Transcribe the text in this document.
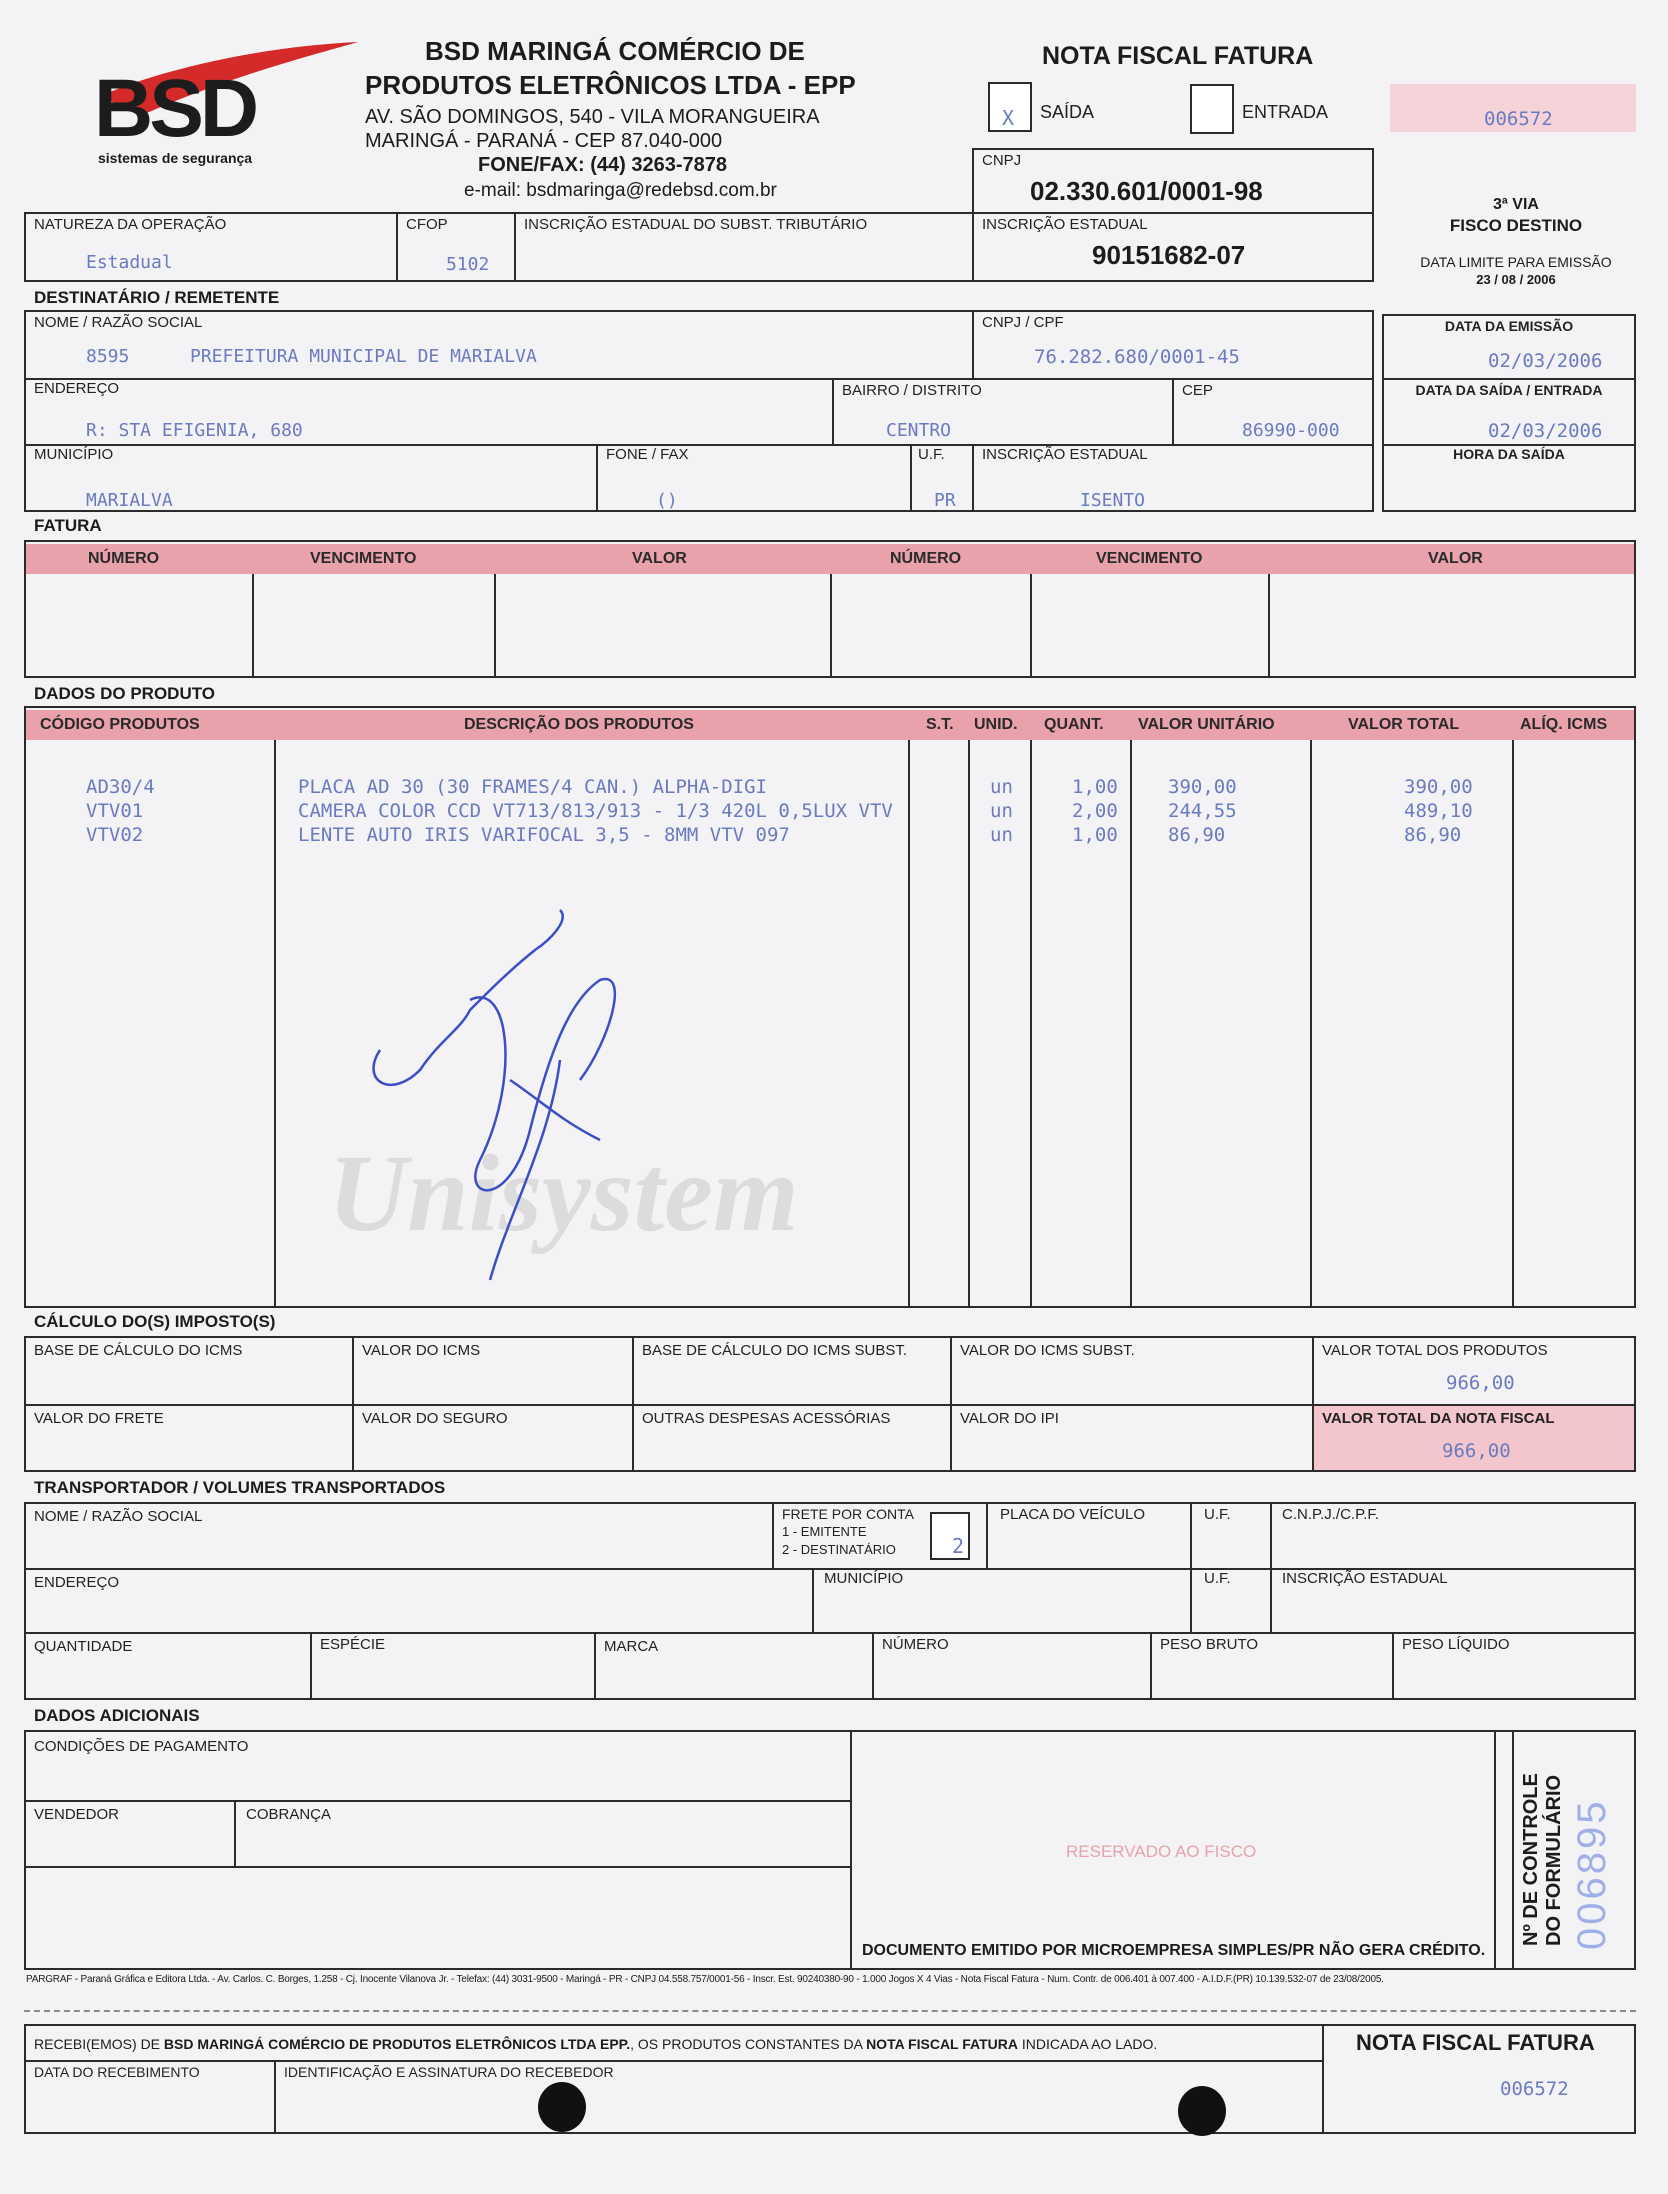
BSD
sistemas de segurança
BSD MARINGÁ COMÉRCIO DE
PRODUTOS ELETRÔNICOS LTDA - EPP
AV. SÃO DOMINGOS, 540 - VILA MORANGUEIRA
MARINGÁ - PARANÁ - CEP 87.040-000
FONE/FAX: (44) 3263-7878
e-mail: bsdmaringa@redebsd.com.br
NOTA FISCAL FATURA
X SAÍDA	ENTRADA	006572
CNPJ
02.330.601/0001-98
INSCRIÇÃO ESTADUAL
90151682-07
3ª VIA
FISCO DESTINO
DATA LIMITE PARA EMISSÃO
23 / 08 / 2006
NATUREZA DA OPERAÇÃO
Estadual
CFOP
5102
INSCRIÇÃO ESTADUAL DO SUBST. TRIBUTÁRIO
DESTINATÁRIO / REMETENTE
NOME / RAZÃO SOCIAL
8595	PREFEITURA MUNICIPAL DE MARIALVA
CNPJ / CPF
76.282.680/0001-45
DATA DA EMISSÃO
02/03/2006
ENDEREÇO
R: STA EFIGENIA, 680
BAIRRO / DISTRITO
CENTRO
CEP
86990-000
DATA DA SAÍDA / ENTRADA
02/03/2006
MUNICÍPIO
MARIALVA
FONE / FAX
()
U.F.
PR
INSCRIÇÃO ESTADUAL
ISENTO
HORA DA SAÍDA
FATURA
NÚMERO	VENCIMENTO	VALOR	NÚMERO	VENCIMENTO	VALOR
DADOS DO PRODUTO
CÓDIGO PRODUTOS	DESCRIÇÃO DOS PRODUTOS	S.T. UNID. QUANT. VALOR UNITÁRIO	VALOR TOTAL	ALÍQ. ICMS
Unisystem
AD30/4	PLACA AD 30 (30 FRAMES/4 CAN.) ALPHA-DIGI	un	1,00	390,00	390,00
VTV01	CAMERA COLOR CCD VT713/813/913 - 1/3 420L 0,5LUX VTV	un	2,00	244,55	489,10
VTV02	LENTE AUTO IRIS VARIFOCAL 3,5 - 8MM VTV 097	un	1,00	86,90	86,90
CÁLCULO DO(S) IMPOSTO(S)
BASE DE CÁLCULO DO ICMS	VALOR DO ICMS	BASE DE CÁLCULO DO ICMS SUBST.	VALOR DO ICMS SUBST.	VALOR TOTAL DOS PRODUTOS
966,00
VALOR DO FRETE	VALOR DO SEGURO	OUTRAS DESPESAS ACESSÓRIAS	VALOR DO IPI	VALOR TOTAL DA NOTA FISCAL
966,00
TRANSPORTADOR / VOLUMES TRANSPORTADOS
NOME / RAZÃO SOCIAL	FRETE POR CONTA
1 - EMITENTE
2 - DESTINATÁRIO	2
PLACA DO VEÍCULO	U.F.	C.N.P.J./C.P.F.
ENDEREÇO	MUNICÍPIO	U.F.	INSCRIÇÃO ESTADUAL
QUANTIDADE	ESPÉCIE	MARCA	NÚMERO	PESO BRUTO	PESO LÍQUIDO
DADOS ADICIONAIS
CONDIÇÕES DE PAGAMENTO
VENDEDOR	COBRANÇA
RESERVADO AO FISCO
DOCUMENTO EMITIDO POR MICROEMPRESA SIMPLES/PR NÃO GERA CRÉDITO.
Nº DE CONTROLE DO FORMULÁRIO 006895
PARGRAF - Paraná Gráfica e Editora Ltda. - Av. Carlos. C. Borges, 1.258 - Cj. Inocente Vilanova Jr. - Telefax: (44) 3031-9500 - Maringá - PR - CNPJ 04.558.757/0001-56 - Inscr. Est. 90240380-90 - 1.000 Jogos X 4 Vias - Nota Fiscal Fatura - Num. Contr. de 006.401 à 007.400 - A.I.D.F.(PR) 10.139.532-07 de 23/08/2005.
RECEBI(EMOS) DE BSD MARINGÁ COMÉRCIO DE PRODUTOS ELETRÔNICOS LTDA EPP., OS PRODUTOS CONSTANTES DA NOTA FISCAL FATURA INDICADA AO LADO.
DATA DO RECEBIMENTO	IDENTIFICAÇÃO E ASSINATURA DO RECEBEDOR
NOTA FISCAL FATURA
006572
